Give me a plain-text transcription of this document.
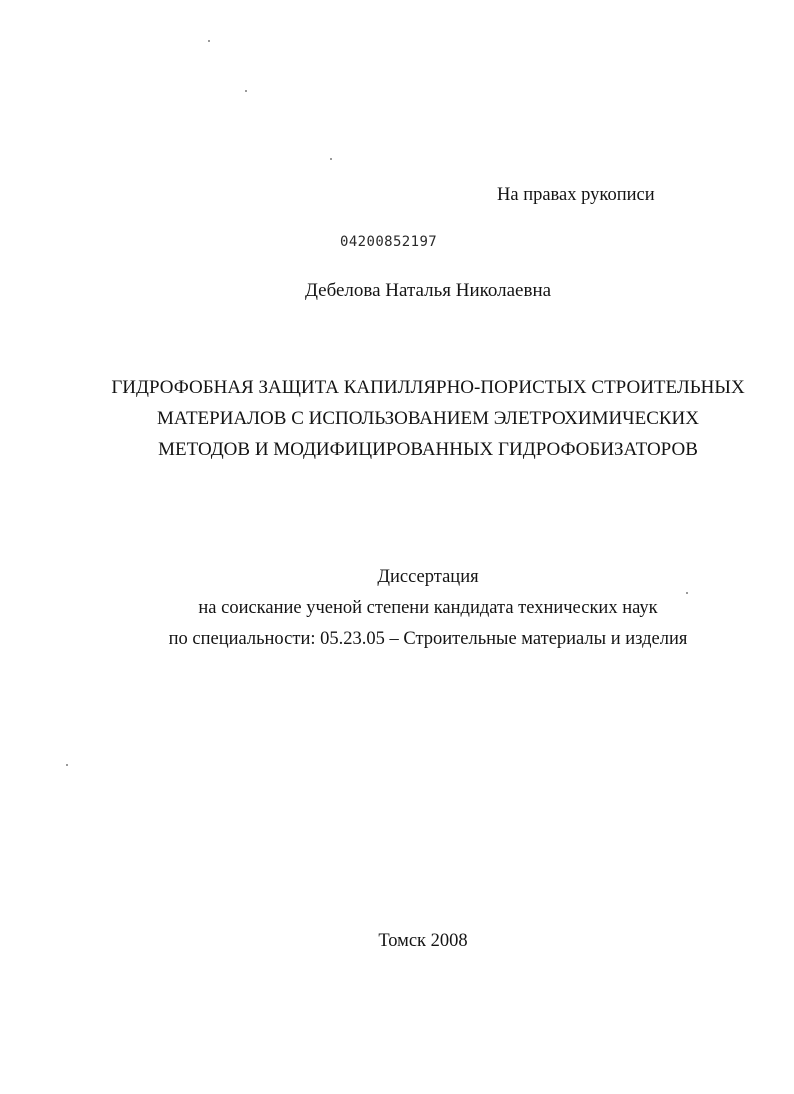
На правах рукописи
04200852197
Дебелова Наталья Николаевна
ГИДРОФОБНАЯ ЗАЩИТА КАПИЛЛЯРНО-ПОРИСТЫХ СТРОИТЕЛЬНЫХ
МАТЕРИАЛОВ С ИСПОЛЬЗОВАНИЕМ ЭЛЕТРОХИМИЧЕСКИХ
МЕТОДОВ И МОДИФИЦИРОВАННЫХ ГИДРОФОБИЗАТОРОВ
Диссертация
на соискание ученой степени кандидата технических наук
по специальности: 05.23.05 – Строительные материалы и изделия
Томск 2008
